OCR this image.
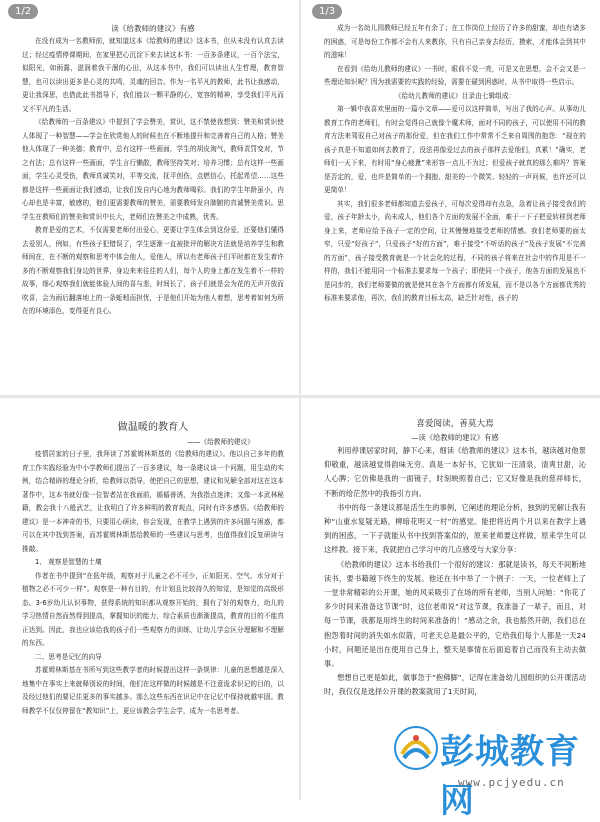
1/2
读《给教师的建议》有感

在没有成为一名教师前，就知道这本《给教师的建议》这本书，但从未没有认真去读过；经过疫情停课期间，在家里把心沉淀下来去读这本书：一百多条建议，一百个法宝，似阳光，如雨露，滋润着我干涸的心田，从这本书中，我们可以读出人生哲理，教育智慧，也可以读出更多是心灵的共鸣，灵魂的回音。作为一名平凡的教师，此书让我感动，更让我深思，也借此此书指导下，我们能以一颗平静的心，宽容的精神，享受我们平凡而又不平凡的生活。

《给教师的一百条建议》中提到了学会赞美，赏识，这不禁使我想到：赞美和赏识使人体现了一种智慧——学会在欣赏他人的时候也在不断地提升和完善着自己的人格；赞美他人体现了一种美德；教育中，总有这样一些画面，学生的胡皮淘气，教师责罚变对，节之有法；总有这样一些画面，学生言行懒散，教师坚持笑对；培养习惯；总有这样一些画面，学生心灵受伤，教师真诚笑对，平等交流，抚平创伤，点燃信心，托起希望……这些都是这样一些画面让我们感动，让我们发自内心地为教师喝彩。我们的学生年龄虽小，内心却也是丰富，敏感的，他们更需要教师的赞美，需要教师发自肺腑的真诚赞美赏识。思学生在教师们的赞美和赏识中长大，老师们在赞美之中成熟，优秀。

教育是爱的艺术，不仅需要老师付出爱心，更要让学生体会到这份爱，还要他们懂得去爱别人，例如，有些孩子犯错误了，学生逐渐一直被批评的解决方法就是培养学生和教师间在，在不断的观察和思考中体会他人，爱他人，所以有老师孩子们平时都在发生着许多的不断观察我们身边的世界，身边来来往往的人们，每个人的身上都在发生着不一样的故事，细心观察我们就能体验人间的喜与悲，时间长了，孩子们就是会为花的无声开放而吹喜，会为雨后翻落地上的一条蚯蚓而担忧，于是他们开始为他人着想，思考着如何为所在的环境添色，变得更有良心。

1/3

成为一名幼儿园教师已经五年有余了；在工作岗位上经历了许多的甜蜜，却也有诸多的困惑，可是每份工作都不会有人来教你，只有自己亲身去经历，摸索，才能体会到其中的滋味！

在看到《给幼儿教师的建议》一书时，眼前不觉一亮，可是又在思想，会不会又是一些理论知识呢？因为我需要的实践的经验，需要在碰到困惑时，从书中取得一些启示。

《给幼儿教师的建议》目录由七辑组成：

第一辑中我喜欢里面的一篇小文章——爱可以这样简单，写出了我的心声。从事幼儿教育工作的老师们，有时会觉得自己就像个魔术师，面对不同的孩子，可以使用不同的教育方法来驾驭自己对孩子的那份爱，但在我们工作中常常不乏来自周围的抱怨：“现在的孩子真是不知道如何去教育了，没法再像爱过去的孩子那样去爱他们，真累！”确实，老师们一天下来，有时用“身心疲惫”来形容一点儿不为过；但爱孩子就真的那么难吗？答案是否定的，爱，也许是简单的一个拥抱、甜美的一个微笑、轻轻的一声问候，也许还可以更简单！

其实，我们很多老师都知道去爱孩子，可每次爱得却有点急，急着让孩子接受我们的爱，孩子年龄太小，尚未成人，他们各个方面的发展不全面，难于一下子把爱转移到老师身上来，老师应给予孩子一定的空间，让其慢慢地接受老师的情感。我们老师要的面太窄，只爱“好孩子”，只爱孩子“好的方面”，难于接受“不听话的孩子”及孩子发展“不完善的方面”，孩子接受教育就是一个社会化的过程，不同的孩子将来在社会中的作用是不一样的，我们不能用同一个标准去要求每一个孩子；即使同一个孩子，他各方面的发展也不是同步的，我们老师要做的就是使其在各个方面都有所发展，而不是以各个方面都优秀的标准来要求他，再次，我们的教育目标太高，缺乏针对性，孩子的

做温暖的教育人
——《给教师的建议》

疫情居家的日子里，我拜读了苏霍姆林斯基的《给教师的建议》。他以自己多年的教育工作实践经验为中小学教师们提出了一百多建议，每一条建议谈一个问题，用生动的实例，结合精辟的理论分析，给教师以指导，使把自己的思想，建议和见解全部对这在这本著作中，这本书就好像一位智者站在我面前，循循善诱，为我指点迷津；又像一本武林秘籍，教会我十八般武艺，让我明白了许多鲜明的教育观点，同时有许多感悟。《给教师的建议》是一本神奇的书，只要用心研读，你会发现，在教学上遇到的许多问题与困惑，都可以在其中找到答案，而苏霍姆林斯基给教师的一些建议与思考，也值得我们反复研读与推敲。

1、 观察是智慧的土壤

作者在书中提到“在低年级，观察对于儿童之必不可少，正如阳光、空气、水分对于植物之必不可少一样”。观察是一种有目的，有计划且比较持久的知觉，是知觉的高级形态。3-6岁幼儿认识事物，获得系统的知识都从观察开始的，拥有了好的观察力，幼儿的学习热情自然而然得到提高，掌握知识的能力，综合素质也渐渐提高，教育的目的不能真正达到。因此，我也应该给我的孩子们一些观察力的训练，让幼儿学会区分理解和不理解的东西。

二、思考是记忆的向导

苏霍姆林斯基在书所写到这些教学者的时候提出这样一条规律：儿童的思想越是深入地集中在事实上来就释别说的时间，他们在这样做的时候越是不注意诡求识记的目的，以及经过他们的要记住更多的事实越多。那么这些东西在识记中在记忆中保持就越牢固。教师教学不仅仅停留在“教知识”上，更应该教会学生会学，成为一名思考者。

喜爱阅读，善莫大焉
—读《给教师的建议》有感

利用停课居家时间，静下心来，细读《给教师的建议》这本书，越读越对他景仰敬重，越读越觉得韵味无穷。真是一本好书，它犹如一汪清泉，清爽甘甜，沁人心脾；它仿佛是我的一面镜子，时刻映照着自己；它又好像是我的慈祥师长，不断的给茫然中的我指引方向。

书中的每一条建议都是活生生的事例，它阐述的理论分析，独到的见解让我有种“山重水复疑无路，柳暗花明又一村”的感觉。能把将近两个月以来在教学上遇到的困惑，一下子就能从书中找到答案似的，原来老师要这样做，原来学生可以这样教。接下来，我就把自己学习中的几点感受与大家分享：

《给教师的建议》这本书给我们一个很好的建议：那就是读书，每天不间断地读书，要书籍越下终生的发展。他还在书中举了一个例子：一天，一位老师上了一堂非常精彩的公开课，她的风采吸引了在场的所有老师，当别人问她：“你花了多少时间来准备这节课”时，这位老师说“对这节课，我准备了一辈子，而且，对每一节课，我都是用终生的时间来准备的！”感动之余，我也豁然开朗，我们总在抱怨着时间的消失如水似箭，可老天总是最公平的，它给我们每个人都是一天24小时，问题还是出在使用自己身上，整天是事情在后面追着自己而没有主动去做事。

想想自己更是如此，做事急于“抱佛脚”，记得在准备幼儿园组织的公开课活动时，我仅仅是选择公开课的教案就用了1天时间，

彭城教育网
www.pcjyedu.cn
